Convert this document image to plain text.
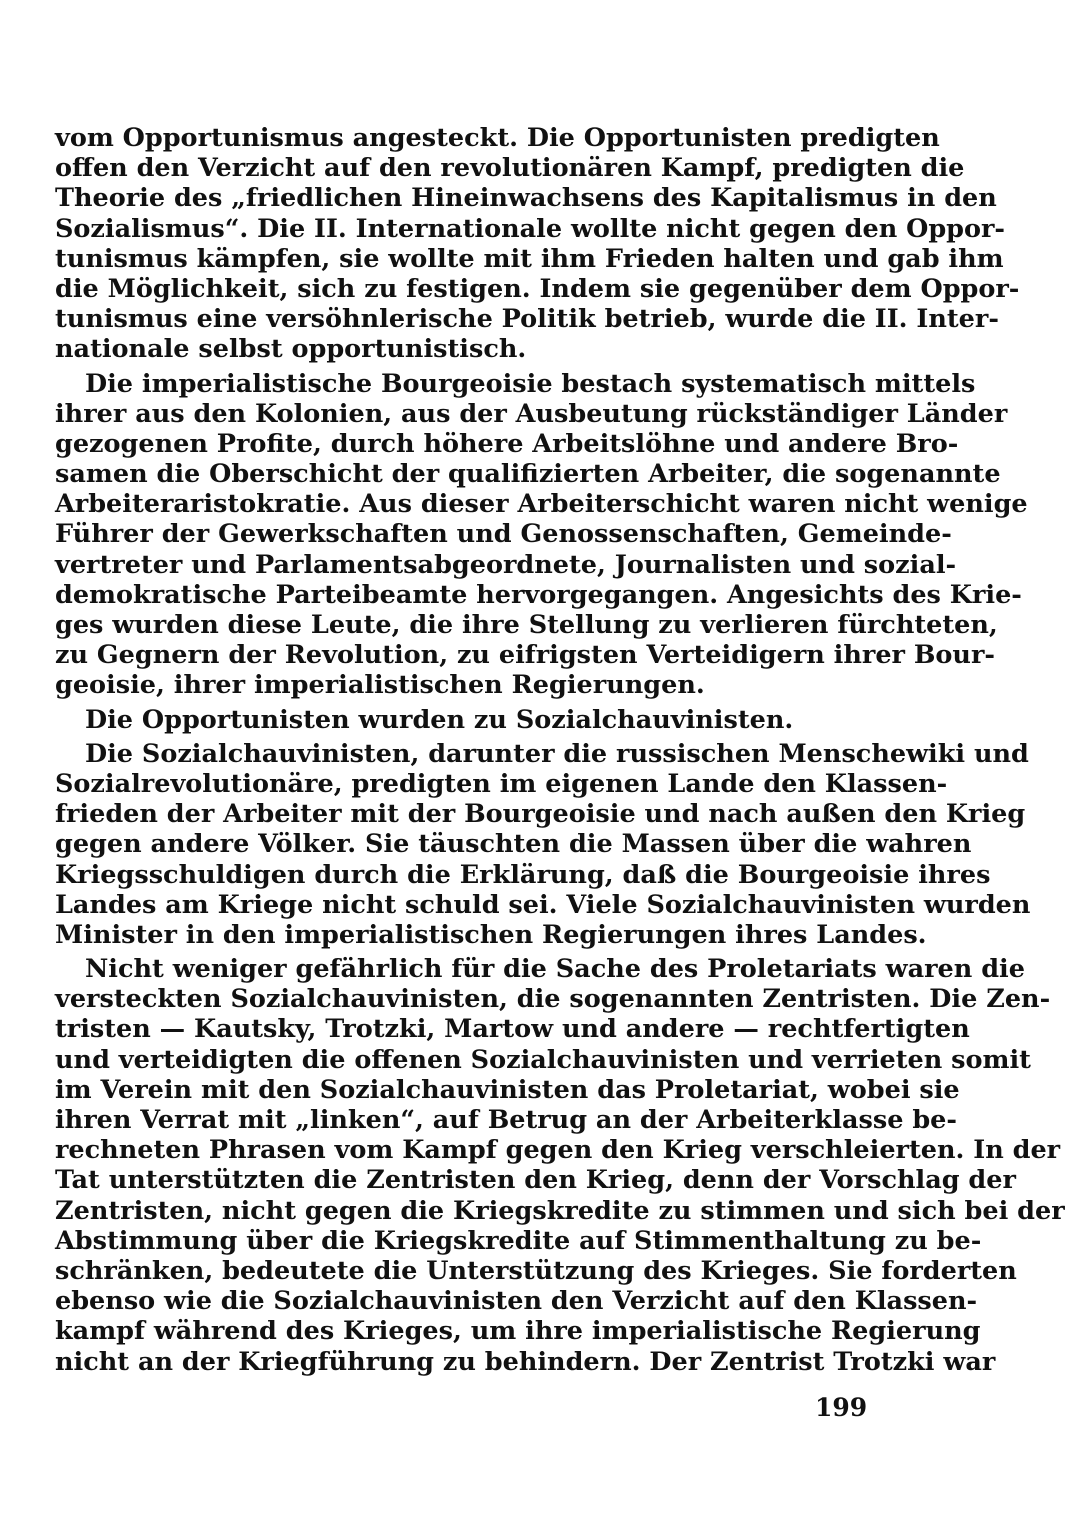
vom Opportunismus angesteckt. Die Opportunisten predigten
offen den Verzicht auf den revolutionären Kampf, predigten die
Theorie des „friedlichen Hineinwachsens des Kapitalismus in den
Sozialismus“. Die II. Internationale wollte nicht gegen den Oppor-
tunismus kämpfen, sie wollte mit ihm Frieden halten und gab ihm
die Möglichkeit, sich zu festigen. Indem sie gegenüber dem Oppor-
tunismus eine versöhnlerische Politik betrieb, wurde die II. Inter-
nationale selbst opportunistisch.
Die imperialistische Bourgeoisie bestach systematisch mittels
ihrer aus den Kolonien, aus der Ausbeutung rückständiger Länder
gezogenen Profite, durch höhere Arbeitslöhne und andere Bro-
samen die Oberschicht der qualifizierten Arbeiter, die sogenannte
Arbeiteraristokratie. Aus dieser Arbeiterschicht waren nicht wenige
Führer der Gewerkschaften und Genossenschaften, Gemeinde-
vertreter und Parlamentsabgeordnete, Journalisten und sozial-
demokratische Parteibeamte hervorgegangen. Angesichts des Krie-
ges wurden diese Leute, die ihre Stellung zu verlieren fürchteten,
zu Gegnern der Revolution, zu eifrigsten Verteidigern ihrer Bour-
geoisie, ihrer imperialistischen Regierungen.
Die Opportunisten wurden zu Sozialchauvinisten.
Die Sozialchauvinisten, darunter die russischen Menschewiki und
Sozialrevolutionäre, predigten im eigenen Lande den Klassen-
frieden der Arbeiter mit der Bourgeoisie und nach außen den Krieg
gegen andere Völker. Sie täuschten die Massen über die wahren
Kriegsschuldigen durch die Erklärung, daß die Bourgeoisie ihres
Landes am Kriege nicht schuld sei. Viele Sozialchauvinisten wurden
Minister in den imperialistischen Regierungen ihres Landes.
Nicht weniger gefährlich für die Sache des Proletariats waren die
versteckten Sozialchauvinisten, die sogenannten Zentristen. Die Zen-
tristen — Kautsky, Trotzki, Martow und andere — rechtfertigten
und verteidigten die offenen Sozialchauvinisten und verrieten somit
im Verein mit den Sozialchauvinisten das Proletariat, wobei sie
ihren Verrat mit „linken“, auf Betrug an der Arbeiterklasse be-
rechneten Phrasen vom Kampf gegen den Krieg verschleierten. In der
Tat unterstützten die Zentristen den Krieg, denn der Vorschlag der
Zentristen, nicht gegen die Kriegskredite zu stimmen und sich bei der
Abstimmung über die Kriegskredite auf Stimmenthaltung zu be-
schränken, bedeutete die Unterstützung des Krieges. Sie forderten
ebenso wie die Sozialchauvinisten den Verzicht auf den Klassen-
kampf während des Krieges, um ihre imperialistische Regierung
nicht an der Kriegführung zu behindern. Der Zentrist Trotzki war
199
